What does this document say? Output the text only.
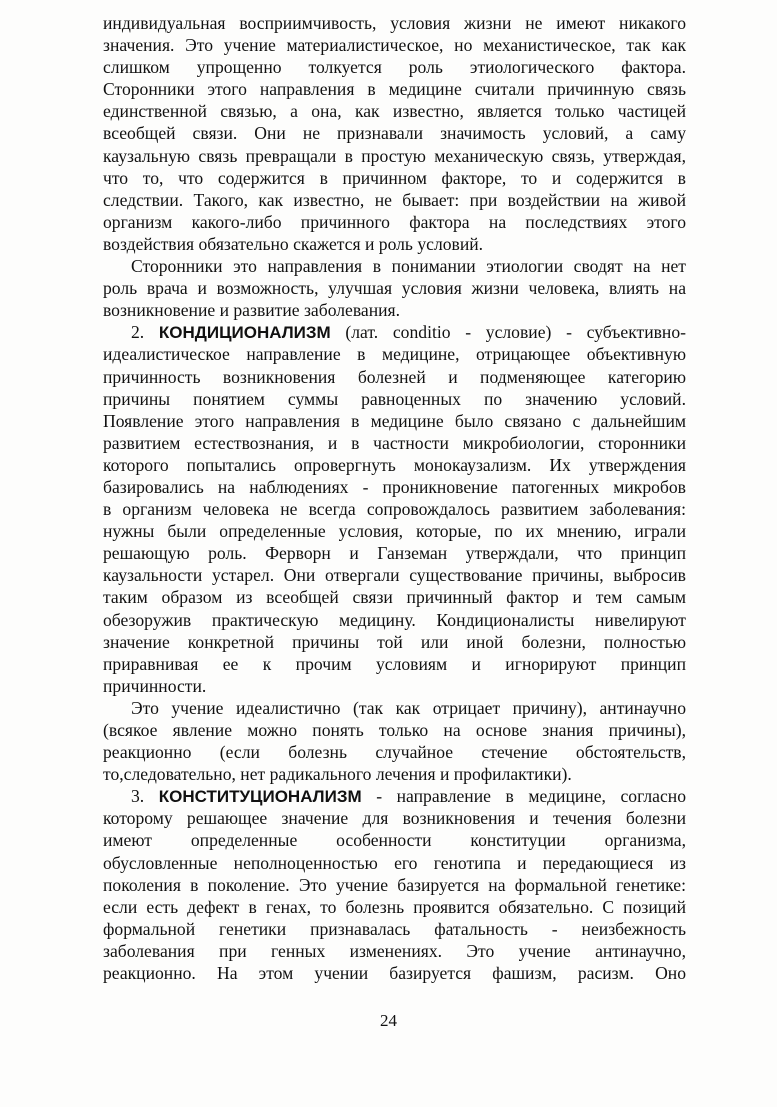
индивидуальная восприимчивость, условия жизни не имеют никакого
значения. Это учение материалистическое, но механистическое, так как
слишком упрощенно толкуется роль этиологического фактора.
Сторонники этого направления в медицине считали причинную связь
единственной связью, а она, как известно, является только частицей
всеобщей связи. Они не признавали значимость условий, а саму
каузальную связь превращали в простую механическую связь, утверждая,
что то, что содержится в причинном факторе, то и содержится в
следствии. Такого, как известно, не бывает: при воздействии на живой
организм какого-либо причинного фактора на последствиях этого
воздействия обязательно скажется и роль условий.
Сторонники это направления в понимании этиологии сводят на нет
роль врача и возможность, улучшая условия жизни человека, влиять на
возникновение и развитие заболевания.
2. КОНДИЦИОНАЛИЗМ (лат. conditio - условие) - субъективно-
идеалистическое направление в медицине, отрицающее объективную
причинность возникновения болезней и подменяющее категорию
причины понятием суммы равноценных по значению условий.
Появление этого направления в медицине было связано с дальнейшим
развитием естествознания, и в частности микробиологии, сторонники
которого попытались опровергнуть монокаузализм. Их утверждения
базировались на наблюдениях - проникновение патогенных микробов
в организм человека не всегда сопровождалось развитием заболевания:
нужны были определенные условия, которые, по их мнению, играли
решающую роль. Ферворн и Ганземан утверждали, что принцип
каузальности устарел. Они отвергали существование причины, выбросив
таким образом из всеобщей связи причинный фактор и тем самым
обезоружив практическую медицину. Кондиционалисты нивелируют
значение конкретной причины той или иной болезни, полностью
приравнивая ее к прочим условиям и игнорируют принцип
причинности.
Это учение идеалистично (так как отрицает причину), антинаучно
(всякое явление можно понять только на основе знания причины),
реакционно (если болезнь случайное стечение обстоятельств,
то,следовательно, нет радикального лечения и профилактики).
3. КОНСТИТУЦИОНАЛИЗМ - направление в медицине, согласно
которому решающее значение для возникновения и течения болезни
имеют определенные особенности конституции организма,
обусловленные неполноценностью его генотипа и передающиеся из
поколения в поколение. Это учение базируется на формальной генетике:
если есть дефект в генах, то болезнь проявится обязательно. С позиций
формальной генетики признавалась фатальность - неизбежность
заболевания при генных изменениях. Это учение антинаучно,
реакционно. На этом учении базируется фашизм, расизм. Оно
24
